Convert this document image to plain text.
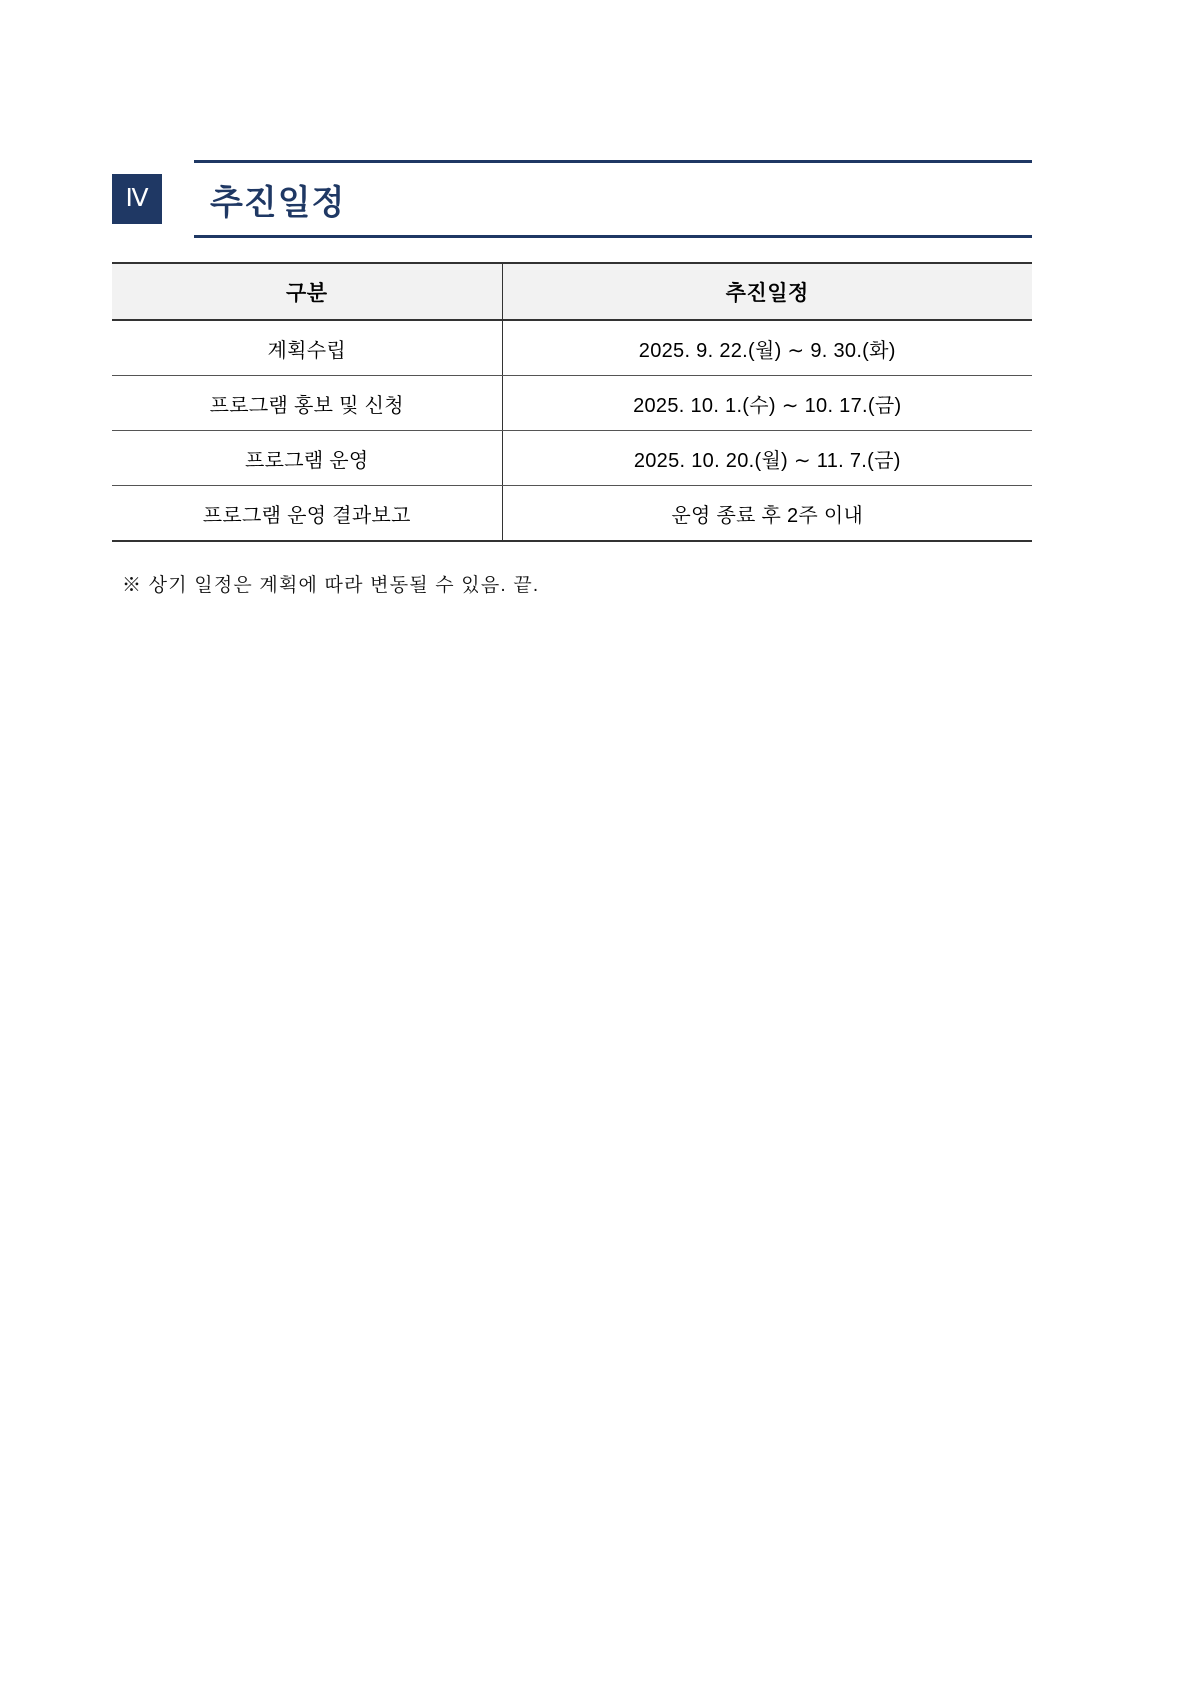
Ⅳ	추진일정
구분	추진일정
계획수립	2025. 9. 22.(월) ∼ 9. 30.(화)
프로그램 홍보 및 신청	2025. 10. 1.(수) ∼ 10. 17.(금)
프로그램 운영	2025. 10. 20.(월) ∼ 11. 7.(금)
프로그램 운영 결과보고	운영 종료 후 2주 이내
※ 상기 일정은 계획에 따라 변동될 수 있음. 끝.
